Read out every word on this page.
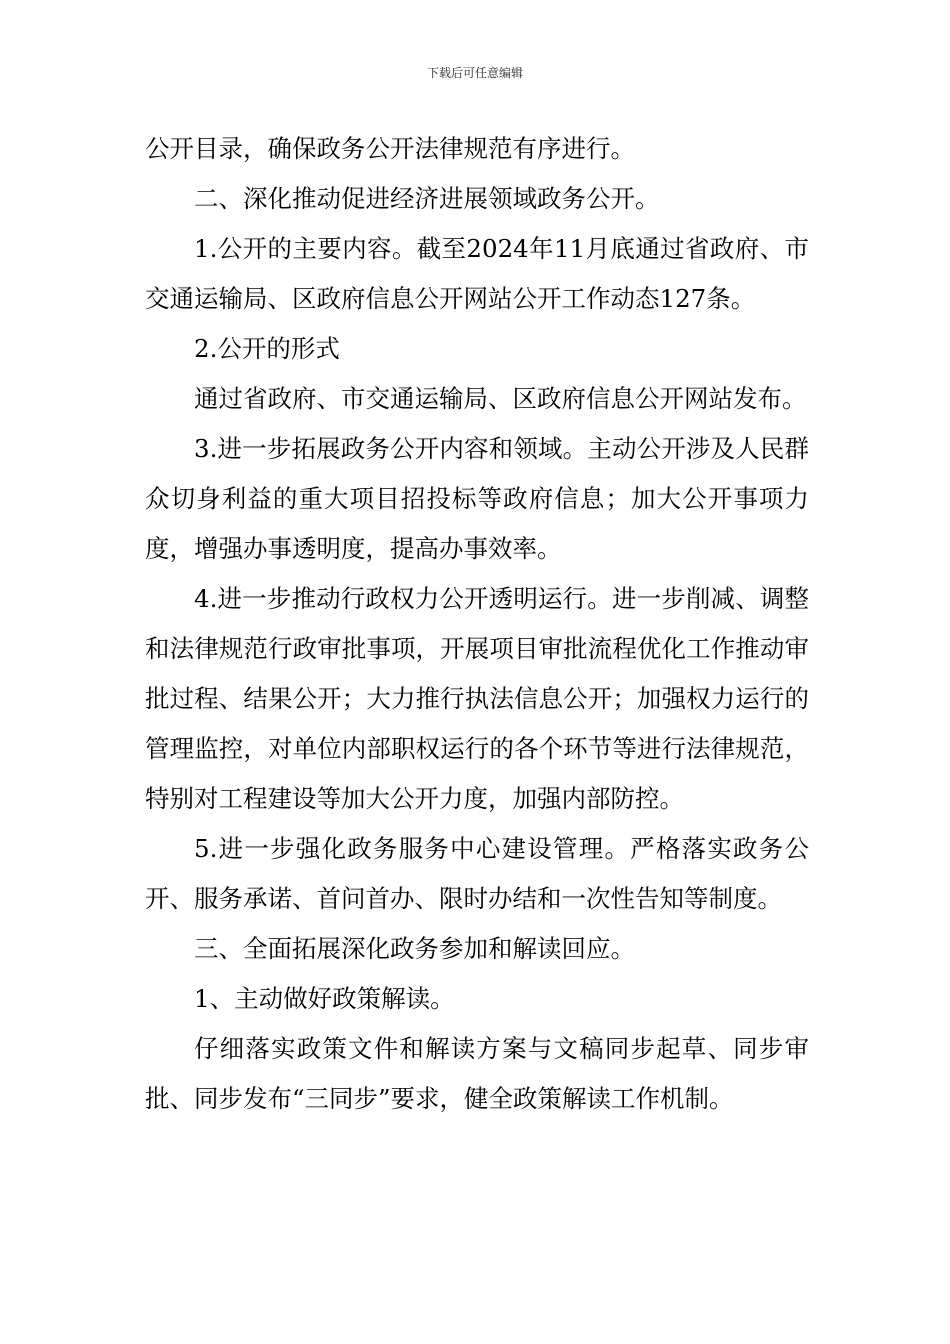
下载后可任意编辑

公开目录，确保政务公开法律规范有序进行。

二、深化推动促进经济进展领域政务公开。

1.公开的主要内容。截至2024年11月底通过省政府、市交通运输局、区政府信息公开网站公开工作动态127条。

2.公开的形式

通过省政府、市交通运输局、区政府信息公开网站发布。

3.进一步拓展政务公开内容和领域。主动公开涉及人民群众切身利益的重大项目招投标等政府信息；加大公开事项力度，增强办事透明度，提高办事效率。

4.进一步推动行政权力公开透明运行。进一步削减、调整和法律规范行政审批事项，开展项目审批流程优化工作推动审批过程、结果公开；大力推行执法信息公开；加强权力运行的管理监控，对单位内部职权运行的各个环节等进行法律规范，特别对工程建设等加大公开力度，加强内部防控。

5.进一步强化政务服务中心建设管理。严格落实政务公开、服务承诺、首问首办、限时办结和一次性告知等制度。

三、全面拓展深化政务参加和解读回应。

1、主动做好政策解读。

仔细落实政策文件和解读方案与文稿同步起草、同步审批、同步发布“三同步”要求，健全政策解读工作机制。
